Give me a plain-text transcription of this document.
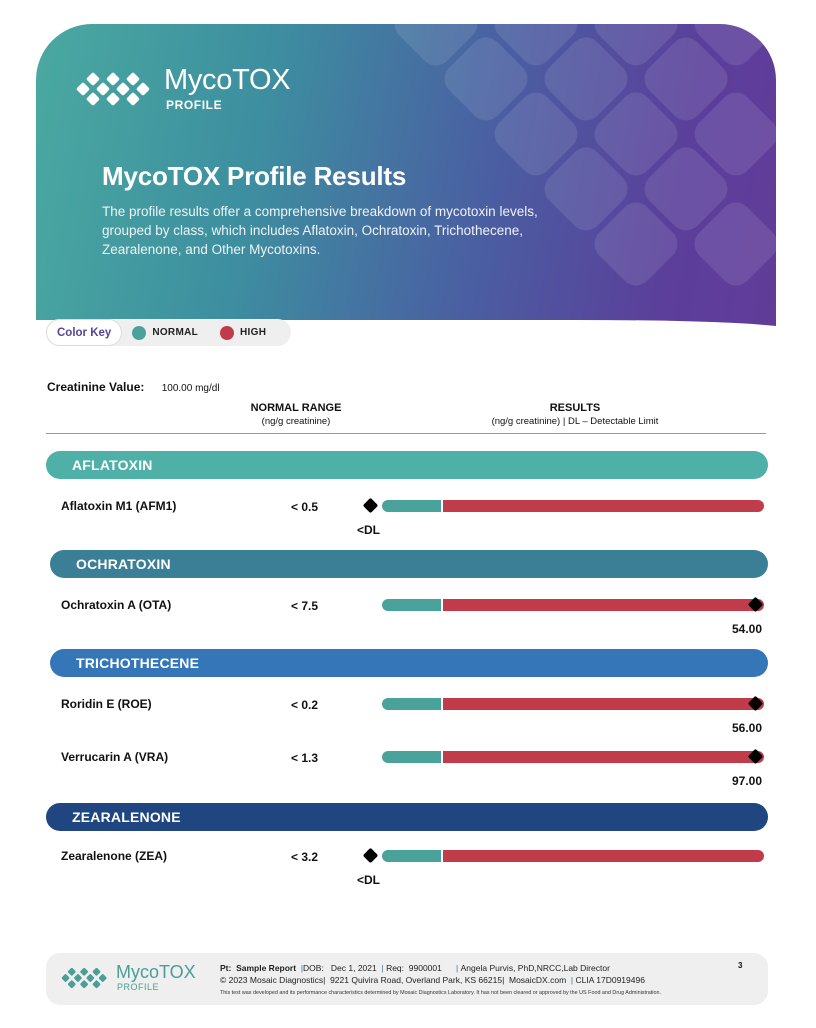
MycoTOX
PROFILE
MycoTOX Profile Results
The profile results offer a comprehensive breakdown of mycotoxin levels, grouped by class, which includes Aflatoxin, Ochratoxin, Trichothecene, Zearalenone, and Other Mycotoxins.
Color Key	NORMAL	HIGH
Creatinine Value: 100.00 mg/dl
NORMAL RANGE
(ng/g creatinine)
RESULTS
(ng/g creatinine) | DL – Detectable Limit
AFLATOXIN
Aflatoxin M1 (AFM1)	< 0.5
<DL
OCHRATOXIN
Ochratoxin A (OTA)	< 7.5
54.00
TRICHOTHECENE
Roridin E (ROE)	< 0.2
56.00
Verrucarin A (VRA)	< 1.3
97.00
ZEARALENONE
Zearalenone (ZEA)	< 3.2
<DL
MycoTOX
PROFILE
Pt: Sample Report  |DOB: Dec 1, 2021  | Req: 9900001 | Angela Purvis, PhD,NRCC,Lab Director
© 2023 Mosaic Diagnostics|  9221 Quivira Road, Overland Park, KS 66215|  MosaicDX.com  | CLIA 17D0919496
This test was developed and its performance characteristics determined by Mosaic Diagnostics Laboratory. It has not been cleared or approved by the US Food and Drug Administration.
3
